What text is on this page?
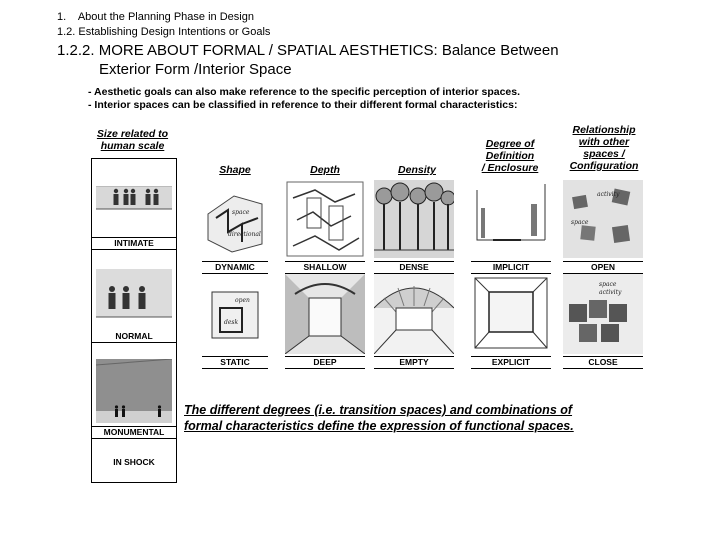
1. About the Planning Phase in Design
1.2. Establishing Design Intentions or Goals
1.2.2. MORE ABOUT FORMAL / SPATIAL AESTHETICS: Balance Between
Exterior Form /Interior Space
- Aesthetic goals can also make reference to the specific perception of interior spaces.
- Interior spaces can be classified in reference to their different formal characteristics:
Size related to
human scale
INTIMATE
NORMAL
MONUMENTAL
IN SHOCK
Shape	Depth	Density
Degree of
Definition
/ Enclosure
Relationship
with other
spaces /
Configuration
space
directional
DYNAMIC
open
desk
STATIC
SHALLOW
DEEP
DENSE
EMPTY
IMPLICIT
EXPLICIT
activity
space
OPEN
space
activity
CLOSE
The different degrees (i.e. transition spaces) and combinations of
formal characteristics define the expression of functional spaces.
